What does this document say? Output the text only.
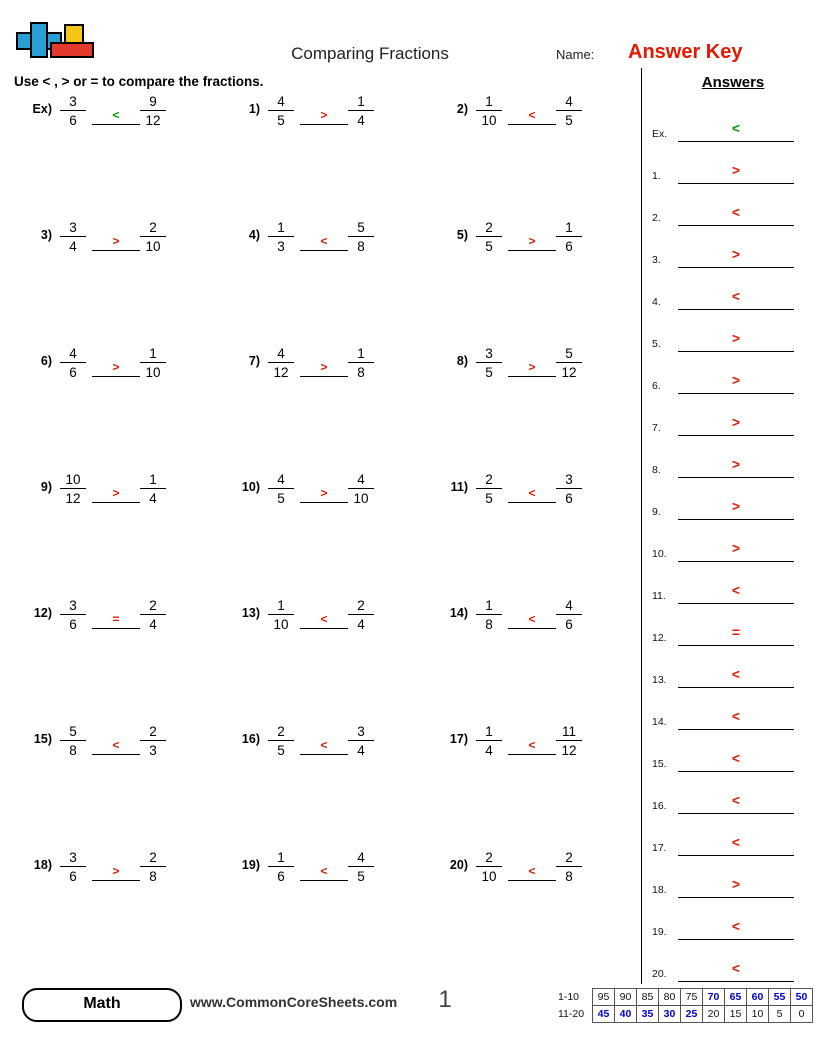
Comparing Fractions	Name: Answer Key
Use < , > or = to compare the fractions.
Ex)	3
6	<
9
12
1)	4
5	>
1
4
2)	1
10	<
4
5
3)	3
4	>
2
10
4)	1
3	<
5
8
5)	2
5	>
1
6
6)	4
6	>
1
10
7)	4
12	>
1
8
8)	3
5	>
5
12
9) 10
12	>
1
4
10)	4
5	>
4
10
11)	2
5	<
3
6
12)	3
6	=
2
4
13)	1
10	<
2
4
14)	1
8	<
4
6
15)	5
8	<
2
3
16)	2
5	<
3
4
17)	1
4	<
11
12
18)	3
6	>
2
8
19)	1
6	<
4
5
20)	2
10	<
2
8
Answers
Ex.	<
1.	>
2.	<
3.	>
4.	<
5.	>
6.	>
7.	>
8.	>
9.	>
10.	>
11.	<
12.	=
13.	<
14.	<
15.	<
16.	<
17.	<
18.	>
19.	<
20.	<
Math	www.CommonCoreSheets.com	1	1-10	95	90	85	80	75	70	65	60	55	50
11-20	45	40	35	30	25	20	15	10	5	0
